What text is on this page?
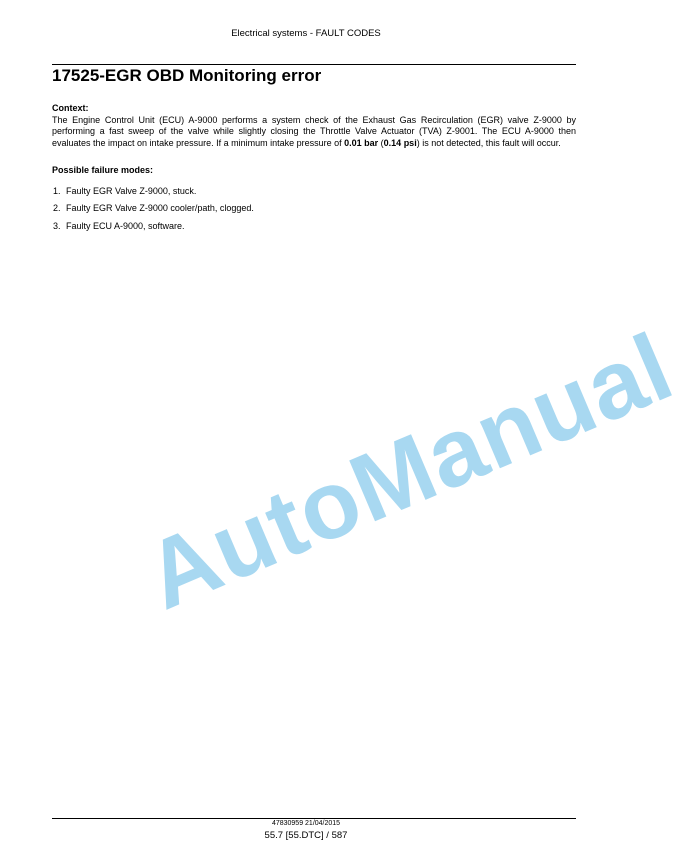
Electrical systems - FAULT CODES
17525-EGR OBD Monitoring error

Context:

The Engine Control Unit (ECU) A-9000 performs a system check of the Exhaust Gas Recirculation (EGR) valve Z-9000 by performing a fast sweep of the valve while slightly closing the Throttle Valve Actuator (TVA) Z-9001. The ECU A-9000 then evaluates the impact on intake pressure. If a minimum intake pressure of 0.01 bar (0.14 psi) is not detected, this fault will occur.

Possible failure modes:

1. Faulty EGR Valve Z-9000, stuck.
2. Faulty EGR Valve Z-9000 cooler/path, clogged.
3. Faulty ECU A-9000, software.
AutoManual
47830959 21/04/2015
55.7 [55.DTC] / 587
